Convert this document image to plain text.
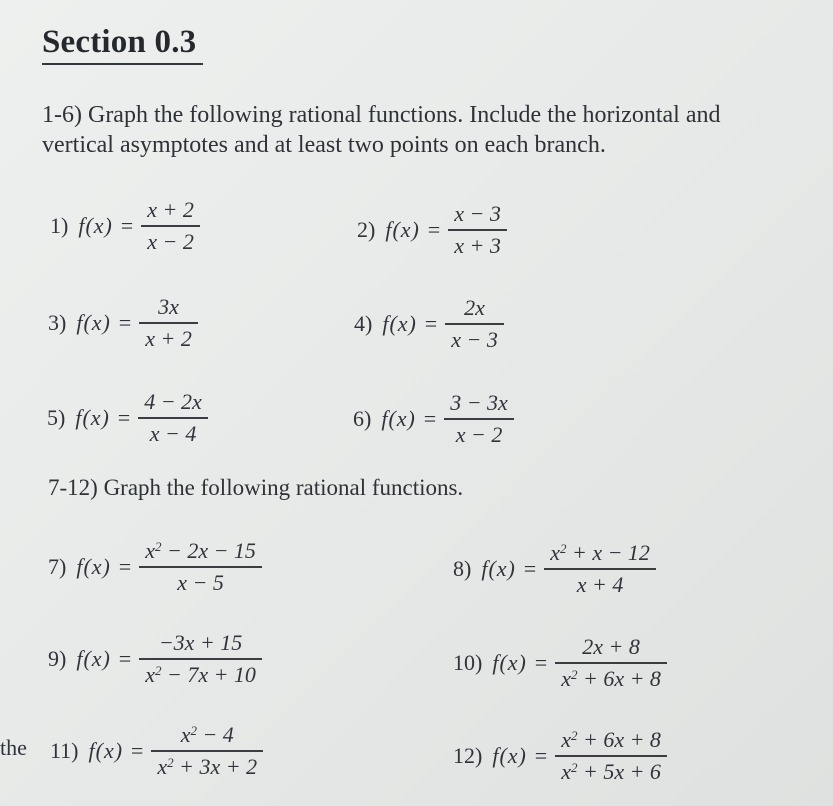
Section 0.3
1-6) Graph the following rational functions. Include the horizontal and
vertical asymptotes and at least two points on each branch.
1) $f(x) = \frac{x + 2}{x - 2}$	2) $f(x) = \frac{x - 3}{x + 3}$
3) $f(x) = \frac{3x}{x + 2}$	4) $f(x) = \frac{2x}{x - 3}$
5) $f(x) = \frac{4 - 2x}{x - 4}$	6) $f(x) = \frac{3 - 3x}{x - 2}$
7-12) Graph the following rational functions.
7) $f(x) = \frac{x^2 - 2x - 15}{x - 5}$	8) $f(x) = \frac{x^2 + x - 12}{x + 4}$
9) $f(x) = \frac{-3x + 15}{x^2 - 7x + 10}$	10) $f(x) = \frac{2x + 8}{x^2 + 6x + 8}$
the 11) $f(x) = \frac{x^2 - 4}{x^2 + 3x + 2}$	12) $f(x) = \frac{x^2 + 6x + 8}{x^2 + 5x + 6}$
